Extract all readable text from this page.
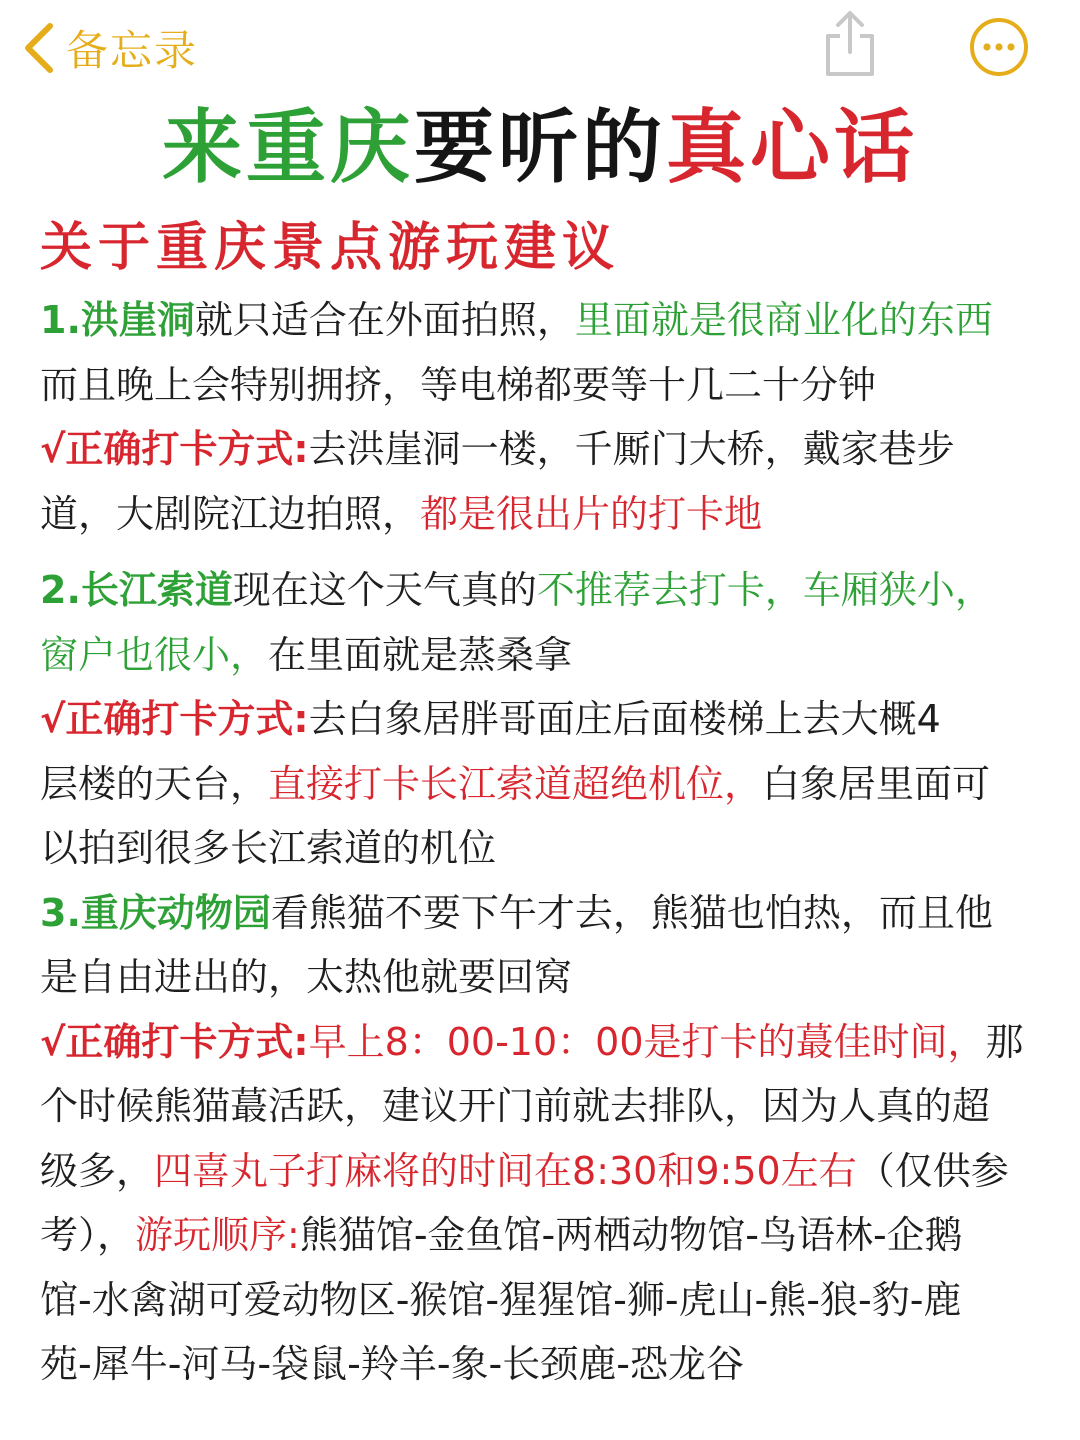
备忘录
来重庆要听的真心话
关于重庆景点游玩建议
1.洪崖洞就只适合在外面拍照，里面就是很商业化的东西
而且晚上会特别拥挤，等电梯都要等十几二十分钟
√正确打卡方式:去洪崖洞一楼，千厮门大桥，戴家巷步
道，大剧院江边拍照，都是很出片的打卡地
2.长江索道现在这个天气真的不推荐去打卡，车厢狭小，
窗户也很小，在里面就是蒸桑拿
√正确打卡方式:去白象居胖哥面庄后面楼梯上去大概4
层楼的天台，直接打卡长江索道超绝机位，白象居里面可
以拍到很多长江索道的机位
3.重庆动物园看熊猫不要下午才去，熊猫也怕热，而且他
是自由进出的，太热他就要回窝
√正确打卡方式:早上8：00-10：00是打卡的蕞佳时间，那
个时候熊猫蕞活跃，建议开门前就去排队，因为人真的超
级多，四喜丸子打麻将的时间在8:30和9:50左右（仅供参
考），游玩顺序:熊猫馆-金鱼馆-两栖动物馆-鸟语林-企鹅
馆-水禽湖可爱动物区-猴馆-猩猩馆-狮-虎山-熊-狼-豹-鹿
苑-犀牛-河马-袋鼠-羚羊-象-长颈鹿-恐龙谷
